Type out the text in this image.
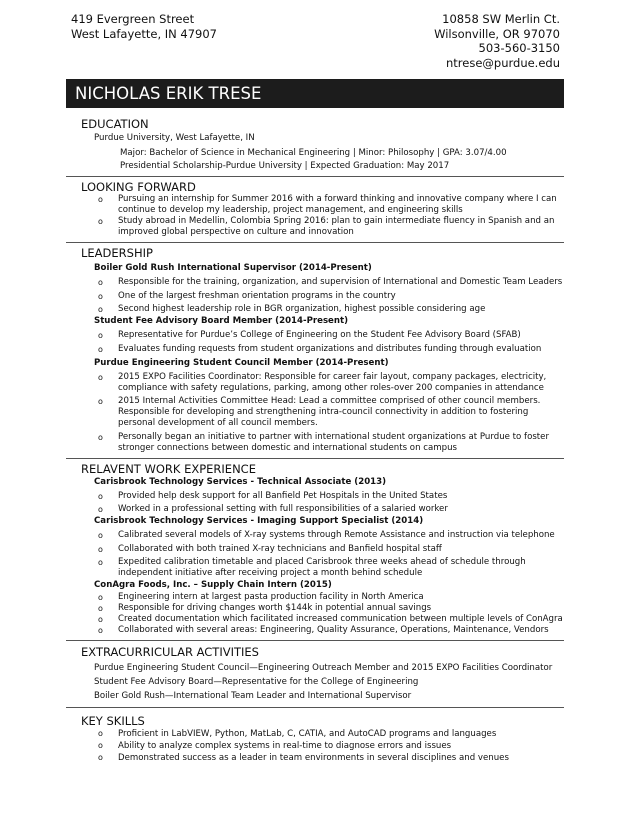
419 Evergreen Street
West Lafayette, IN 47907
10858 SW Merlin Ct.
Wilsonville, OR 97070
503-560-3150
ntrese@purdue.edu
NICHOLAS ERIK TRESE
EDUCATION
Purdue University, West Lafayette, IN
Major: Bachelor of Science in Mechanical Engineering | Minor: Philosophy | GPA: 3.07/4.00
Presidential Scholarship-Purdue University | Expected Graduation: May 2017
LOOKING FORWARD
o Pursuing an internship for Summer 2016 with a forward thinking and innovative company where I can
continue to develop my leadership, project management, and engineering skills
o Study abroad in Medellin, Colombia Spring 2016: plan to gain intermediate fluency in Spanish and an
improved global perspective on culture and innovation
LEADERSHIP
Boiler Gold Rush International Supervisor (2014-Present)
o Responsible for the training, organization, and supervision of International and Domestic Team Leaders
o One of the largest freshman orientation programs in the country
o Second highest leadership role in BGR organization, highest possible considering age
Student Fee Advisory Board Member (2014-Present)
o Representative for Purdue’s College of Engineering on the Student Fee Advisory Board (SFAB)
o Evaluates funding requests from student organizations and distributes funding through evaluation
Purdue Engineering Student Council Member (2014-Present)
o 2015 EXPO Facilities Coordinator: Responsible for career fair layout, company packages, electricity,
compliance with safety regulations, parking, among other roles-over 200 companies in attendance
o 2015 Internal Activities Committee Head: Lead a committee comprised of other council members.
Responsible for developing and strengthening intra-council connectivity in addition to fostering
personal development of all council members.
o Personally began an initiative to partner with international student organizations at Purdue to foster
stronger connections between domestic and international students on campus
RELAVENT WORK EXPERIENCE
Carisbrook Technology Services - Technical Associate (2013)
o Provided help desk support for all Banfield Pet Hospitals in the United States
o Worked in a professional setting with full responsibilities of a salaried worker
Carisbrook Technology Services - Imaging Support Specialist (2014)
o Calibrated several models of X-ray systems through Remote Assistance and instruction via telephone
o Collaborated with both trained X-ray technicians and Banfield hospital staff
o Expedited calibration timetable and placed Carisbrook three weeks ahead of schedule through
independent initiative after receiving project a month behind schedule
ConAgra Foods, Inc. – Supply Chain Intern (2015)
o Engineering intern at largest pasta production facility in North America
o Responsible for driving changes worth $144k in potential annual savings
o Created documentation which facilitated increased communication between multiple levels of ConAgra
o Collaborated with several areas: Engineering, Quality Assurance, Operations, Maintenance, Vendors
EXTRACURRICULAR ACTIVITIES
Purdue Engineering Student Council—Engineering Outreach Member and 2015 EXPO Facilities Coordinator
Student Fee Advisory Board—Representative for the College of Engineering
Boiler Gold Rush—International Team Leader and International Supervisor
KEY SKILLS
o Proficient in LabVIEW, Python, MatLab, C, CATIA, and AutoCAD programs and languages
o Ability to analyze complex systems in real-time to diagnose errors and issues
o Demonstrated success as a leader in team environments in several disciplines and venues
